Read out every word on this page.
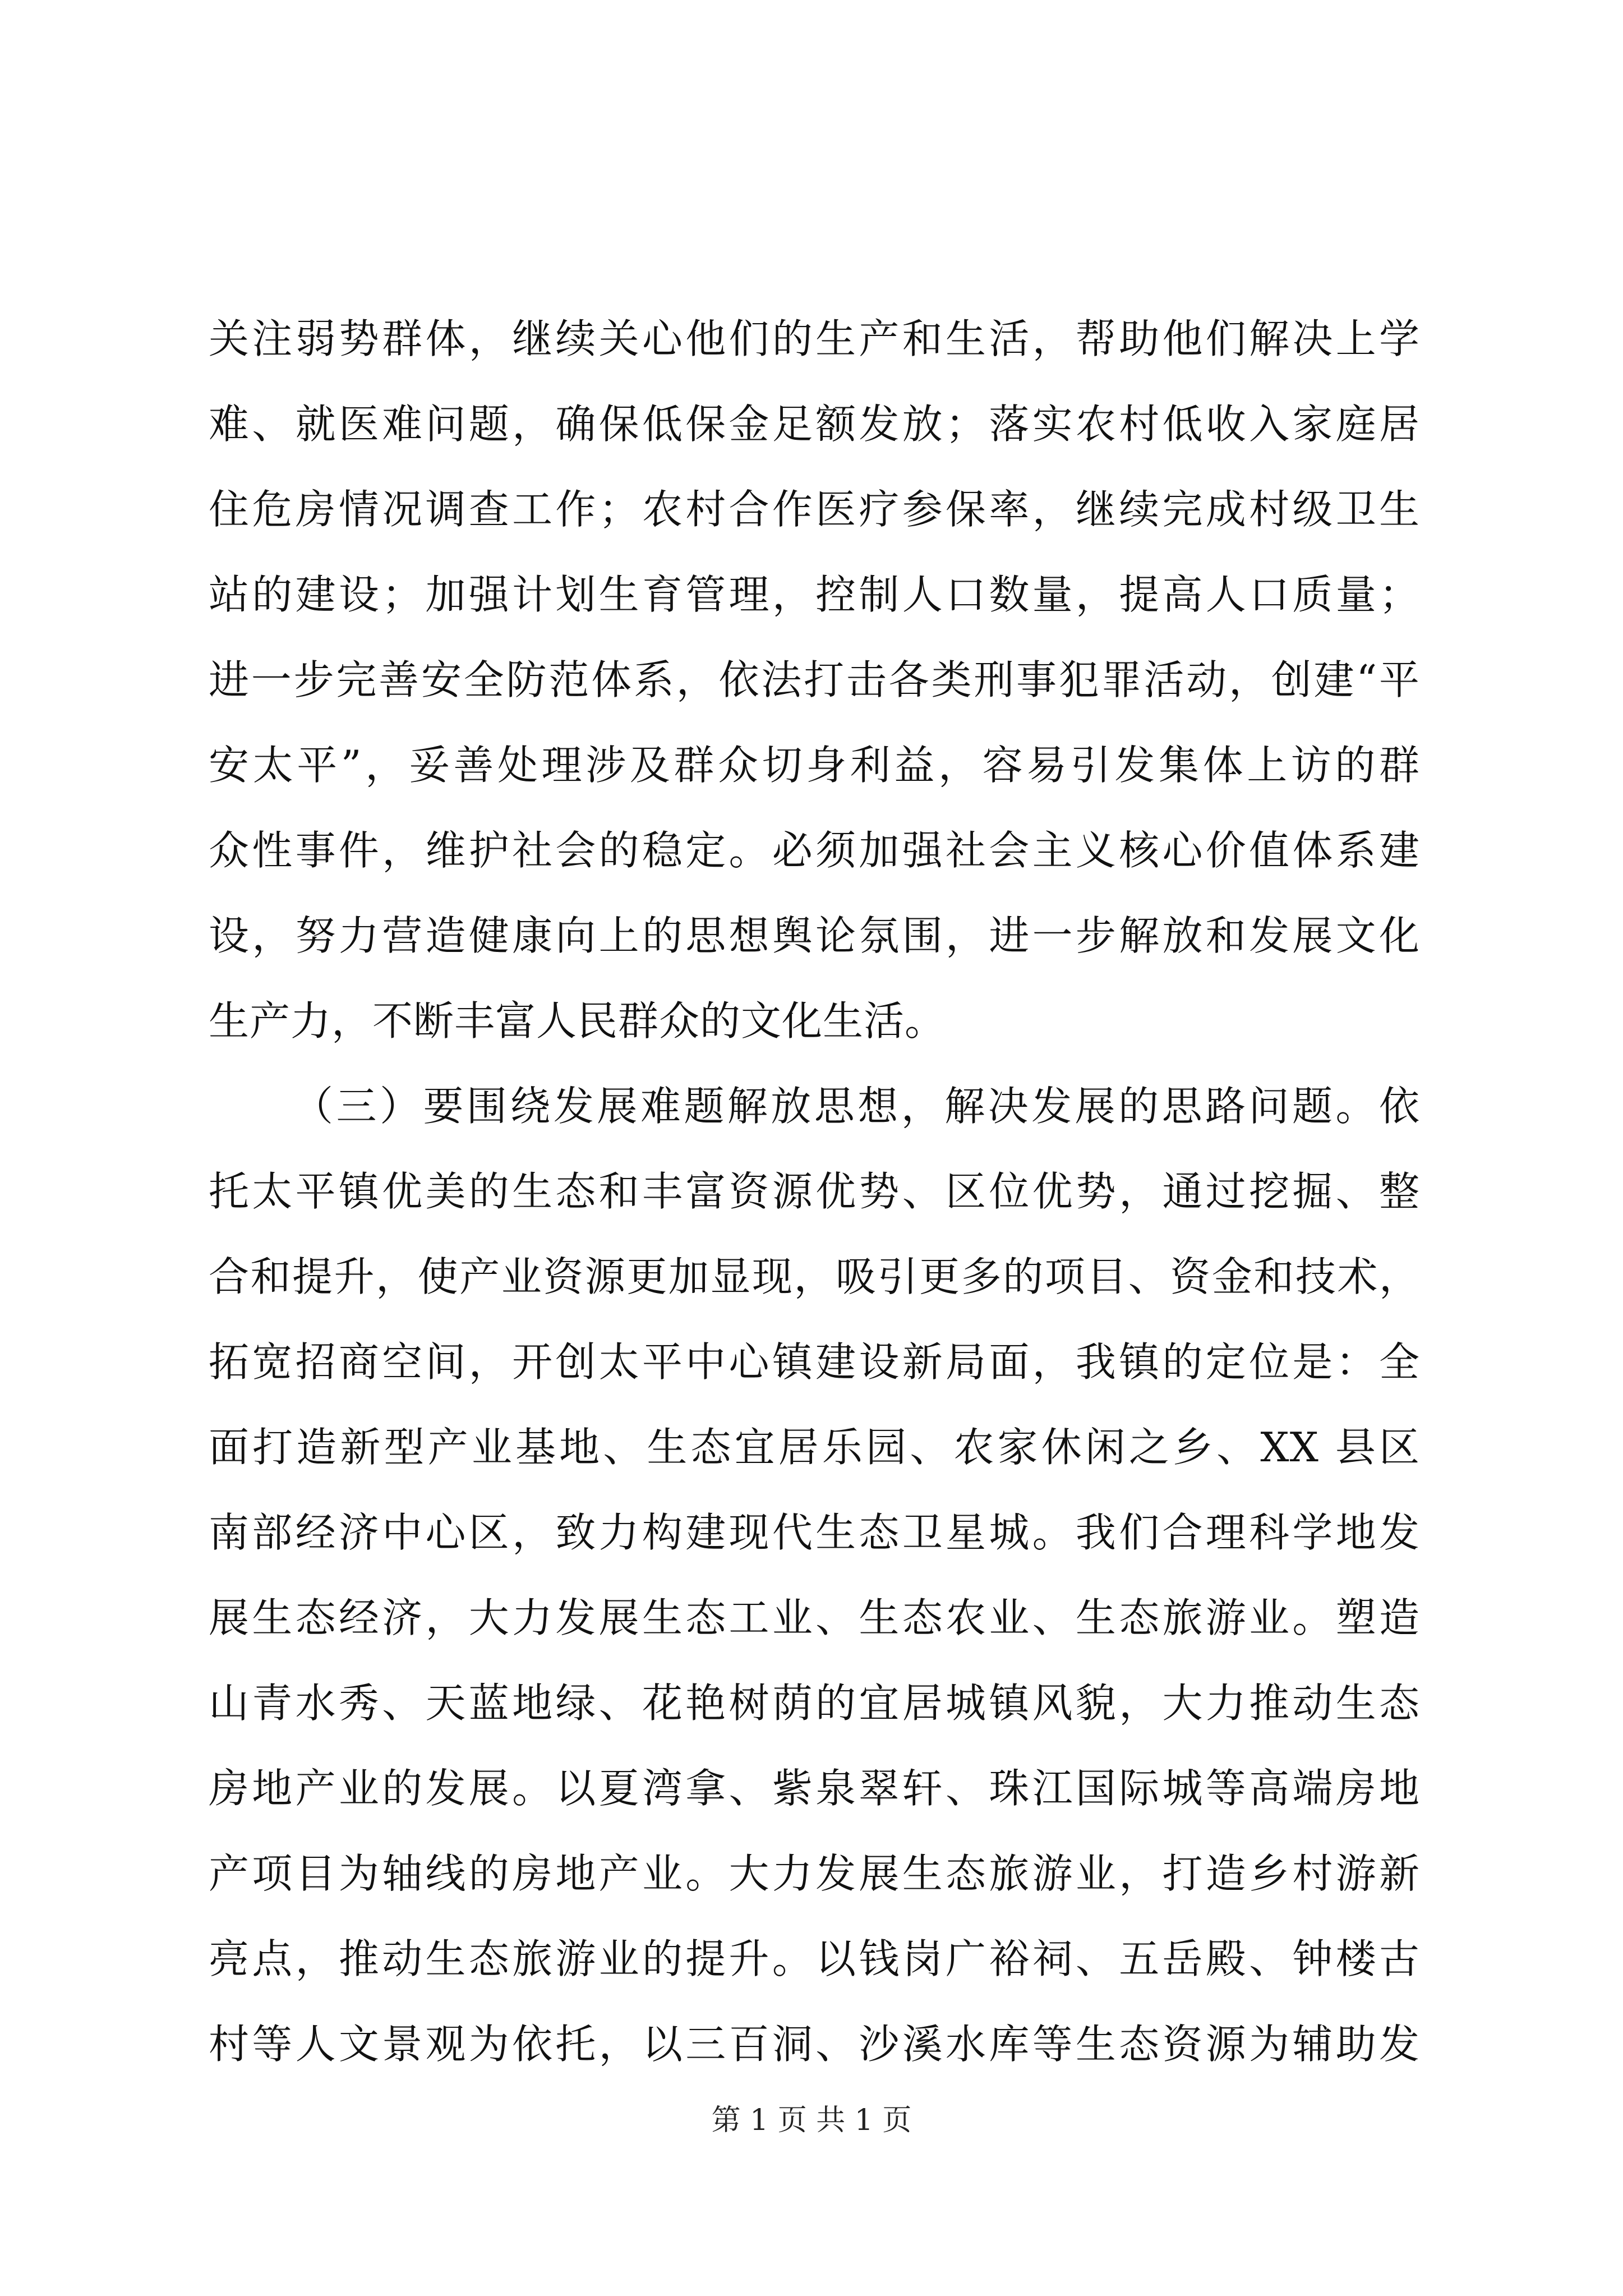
关注弱势群体，继续关心他们的生产和生活，帮助他们解决上学
难、就医难问题，确保低保金足额发放；落实农村低收入家庭居
住危房情况调查工作；农村合作医疗参保率，继续完成村级卫生
站的建设；加强计划生育管理，控制人口数量，提高人口质量；
进一步完善安全防范体系，依法打击各类刑事犯罪活动，创建“平
安太平”，妥善处理涉及群众切身利益，容易引发集体上访的群
众性事件，维护社会的稳定。必须加强社会主义核心价值体系建
设，努力营造健康向上的思想舆论氛围，进一步解放和发展文化
生产力，不断丰富人民群众的文化生活。
（三）要围绕发展难题解放思想，解决发展的思路问题。依
托太平镇优美的生态和丰富资源优势、区位优势，通过挖掘、整
合和提升，使产业资源更加显现，吸引更多的项目、资金和技术，
拓宽招商空间，开创太平中心镇建设新局面，我镇的定位是：全
面打造新型产业基地、生态宜居乐园、农家休闲之乡、XX 县区
南部经济中心区，致力构建现代生态卫星城。我们合理科学地发
展生态经济，大力发展生态工业、生态农业、生态旅游业。塑造
山青水秀、天蓝地绿、花艳树荫的宜居城镇风貌，大力推动生态
房地产业的发展。以夏湾拿、紫泉翠轩、珠江国际城等高端房地
产项目为轴线的房地产业。大力发展生态旅游业，打造乡村游新
亮点，推动生态旅游业的提升。以钱岗广裕祠、五岳殿、钟楼古
村等人文景观为依托，以三百洞、沙溪水库等生态资源为辅助发
第 1 页 共 1 页
